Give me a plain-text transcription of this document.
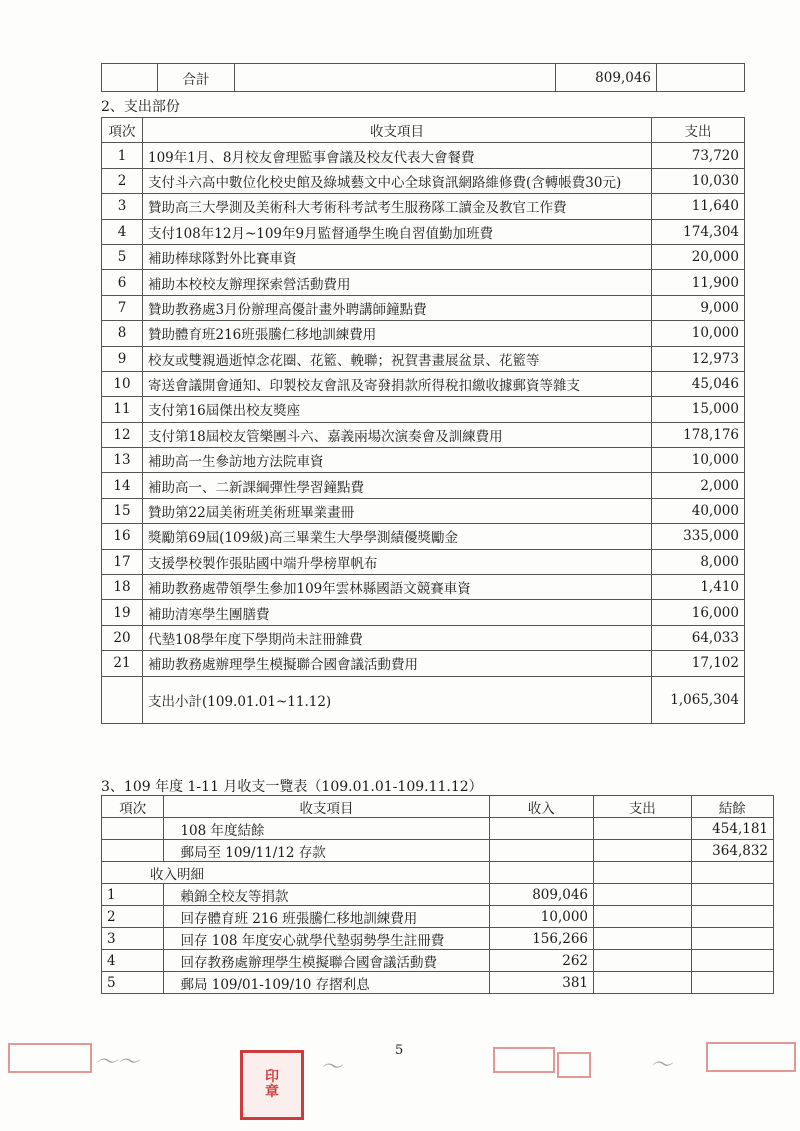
	合計		809,046	
2、支出部份
項次	收支項目	支出
1	109年1月、8月校友會理監事會議及校友代表大會餐費	73,720
2	支付斗六高中數位化校史館及綠城藝文中心全球資訊網路維修費(含轉帳費30元)	10,030
3	贊助高三大學測及美術科大考術科考試考生服務隊工讀金及教官工作費	11,640
4	支付108年12月~109年9月監督通學生晚自習值勤加班費	174,304
5	補助棒球隊對外比賽車資	20,000
6	補助本校校友辦理探索營活動費用	11,900
7	贊助教務處3月份辦理高優計畫外聘講師鐘點費	9,000
8	贊助體育班216班張騰仁移地訓練費用	10,000
9	校友或雙親過逝悼念花圈、花籃、輓聯；祝賀書畫展盆景、花籃等	12,973
10	寄送會議開會通知、印製校友會訊及寄發捐款所得稅扣繳收據郵資等雜支	45,046
11	支付第16屆傑出校友獎座	15,000
12	支付第18屆校友管樂團斗六、嘉義兩場次演奏會及訓練費用	178,176
13	補助高一生參訪地方法院車資	10,000
14	補助高一、二新課綱彈性學習鐘點費	2,000
15	贊助第22屆美術班美術班畢業畫冊	40,000
16	獎勵第69屆(109級)高三畢業生大學學測績優獎勵金	335,000
17	支援學校製作張貼國中端升學榜單帆布	8,000
18	補助教務處帶領學生參加109年雲林縣國語文競賽車資	1,410
19	補助清寒學生團膳費	16,000
20	代墊108學年度下學期尚未註冊雜費	64,033
21	補助教務處辦理學生模擬聯合國會議活動費用	17,102
	支出小計(109.01.01~11.12)	1,065,304
3、109 年度 1-11 月收支一覽表（109.01.01-109.11.12）
項次	收支項目	收入	支出	結餘
	108 年度結餘			454,181
	郵局至 109/11/12 存款			364,832
收入明細				
1	賴錦全校友等捐款	809,046		
2	回存體育班 216 班張騰仁移地訓練費用	10,000		
3	回存 108 年度安心就學代墊弱勢學生註冊費	156,266		
4	回存教務處辦理學生模擬聯合國會議活動費	262		
5	郵局 109/01-109/10 存摺利息	381		
5
〜〜
印
章
〜	〜
